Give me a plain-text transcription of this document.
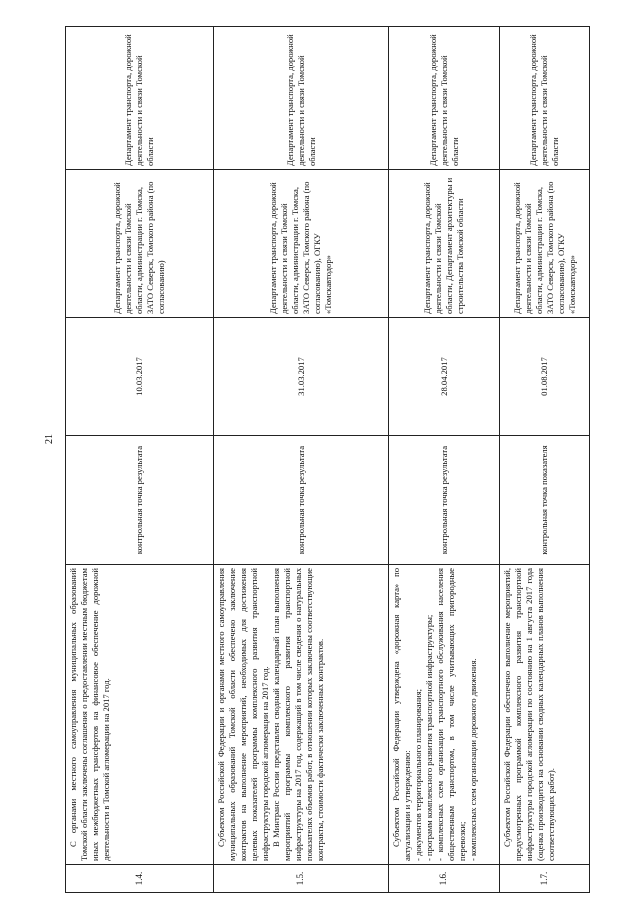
21
1.4.	С органами местного самоуправления муниципальных образований Томской области заключены соглашения о предоставлении местным бюджетам иных межбюджетных трансфертов на финансовое обеспечение дорожной деятельности в Томской агломерации на 2017 год.	контрольная точка результата	10.03.2017	Департамент транспорта, дорожной деятельности и связи Томской области, администрации г. Томска, ЗАТО Северск, Томского района (по согласованию)	Департамент транспорта, дорожной деятельности и связи Томской области
1.5.	Субъектом Российской Федерации и органами местного самоуправления муниципальных образований Томской области обеспечено заключение контрактов на выполнение мероприятий, необходимых для достижения целевых показателей программы комплексного развития транспортной инфраструктуры городской агломерации на 2017 год. В Минтранс России представлен сводный календарный план выполнения мероприятий программы комплексного развития транспортной инфраструктуры на 2017 год, содержащий в том числе сведения о натуральных показателях объемов работ, в отношении которых заключены соответствующие контракты, стоимости фактически заключенных контрактов.	контрольная точка результата	31.03.2017	Департамент транспорта, дорожной деятельности и связи Томской области, администрации г. Томска, ЗАТО Северск, Томского района (по согласованию), ОГКУ «Томскавтодор»	Департамент транспорта, дорожной деятельности и связи Томской области
1.6.	Субъектом Российской Федерации утверждена «дорожная карта» по актуализации и утверждению: - документов территориального планирования; - программ комплексного развития транспортной инфраструктуры; - комплексных схем организации транспортного обслуживания населения общественным транспортом, в том числе учитывающих пригородные перевозки; - комплексных схем организации дорожного движения.	контрольная точка результата	28.04.2017	Департамент транспорта, дорожной деятельности и связи Томской области, Департамент архитектуры и строительства Томской области	Департамент транспорта, дорожной деятельности и связи Томской области
1.7.	Субъектом Российской Федерации обеспечено выполнение мероприятий, предусмотренных программой комплексного развития транспортной инфраструктуры городской агломерации по состоянию на 1 августа 2017 года (оценка производится на основании сводных календарных планов выполнения соответствующих работ).	контрольная точка показателя	01.08.2017	Департамент транспорта, дорожной деятельности и связи Томской области, администрации г. Томска, ЗАТО Северск, Томского района (по согласованию), ОГКУ «Томскавтодор»	Департамент транспорта, дорожной деятельности и связи Томской области
